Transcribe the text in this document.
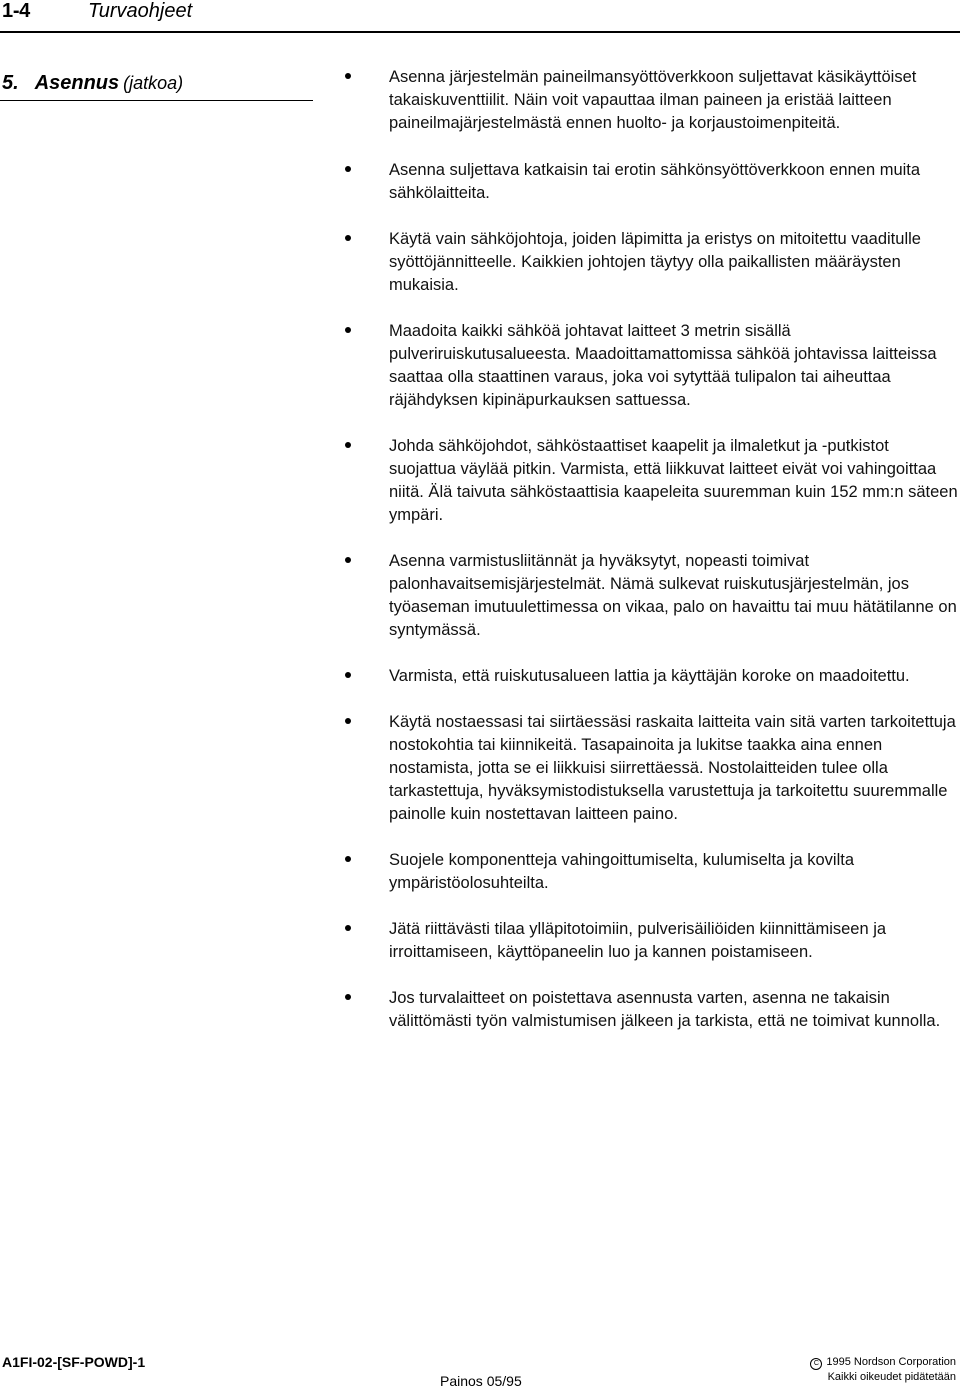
1-4	Turvaohjeet
5. Asennus (jatkoa)	Asenna järjestelmän paineilmansyöttöverkkoon suljettavat käsikäyttöiset takaiskuventtiilit. Näin voit vapauttaa ilman paineen ja eristää laitteen paineilmajärjestelmästä ennen huolto- ja korjaustoimenpiteitä.
Asenna suljettava katkaisin tai erotin sähkönsyöttöverkkoon ennen muita sähkölaitteita.
Käytä vain sähköjohtoja, joiden läpimitta ja eristys on mitoitettu vaaditulle syöttöjännitteelle. Kaikkien johtojen täytyy olla paikallisten määräysten mukaisia.
Maadoita kaikki sähköä johtavat laitteet 3 metrin sisällä pulveriruiskutusalueesta. Maadoittamattomissa sähköä johtavissa laitteissa saattaa olla staattinen varaus, joka voi sytyttää tulipalon tai aiheuttaa räjähdyksen kipinäpurkauksen sattuessa.
Johda sähköjohdot, sähköstaattiset kaapelit ja ilmaletkut ja -putkistot suojattua väylää pitkin. Varmista, että liikkuvat laitteet eivät voi vahingoittaa niitä. Älä taivuta sähköstaattisia kaapeleita suuremman kuin 152 mm:n säteen ympäri.
Asenna varmistusliitännät ja hyväksytyt, nopeasti toimivat palonhavaitsemisjärjestelmät. Nämä sulkevat ruiskutusjärjestelmän, jos työaseman imutuulettimessa on vikaa, palo on havaittu tai muu hätätilanne on syntymässä.
Varmista, että ruiskutusalueen lattia ja käyttäjän koroke on maadoitettu.
Käytä nostaessasi tai siirtäessäsi raskaita laitteita vain sitä varten tarkoitettuja nostokohtia tai kiinnikeitä. Tasapainoita ja lukitse taakka aina ennen nostamista, jotta se ei liikkuisi siirrettäessä. Nostolaitteiden tulee olla tarkastettuja, hyväksymistodistuksella varustettuja ja tarkoitettu suuremmalle painolle kuin nostettavan laitteen paino.
Suojele komponentteja vahingoittumiselta, kulumiselta ja kovilta ympäristöolosuhteilta.
Jätä riittävästi tilaa ylläpitotoimiin, pulverisäiliöiden kiinnittämiseen ja irroittamiseen, käyttöpaneelin luo ja kannen poistamiseen.
Jos turvalaitteet on poistettava asennusta varten, asenna ne takaisin välittömästi työn valmistumisen jälkeen ja tarkista, että ne toimivat kunnolla.
A1FI-02-[SF-POWD]-1
Painos 05/95
C 1995 Nordson Corporation
Kaikki oikeudet pidätetään
